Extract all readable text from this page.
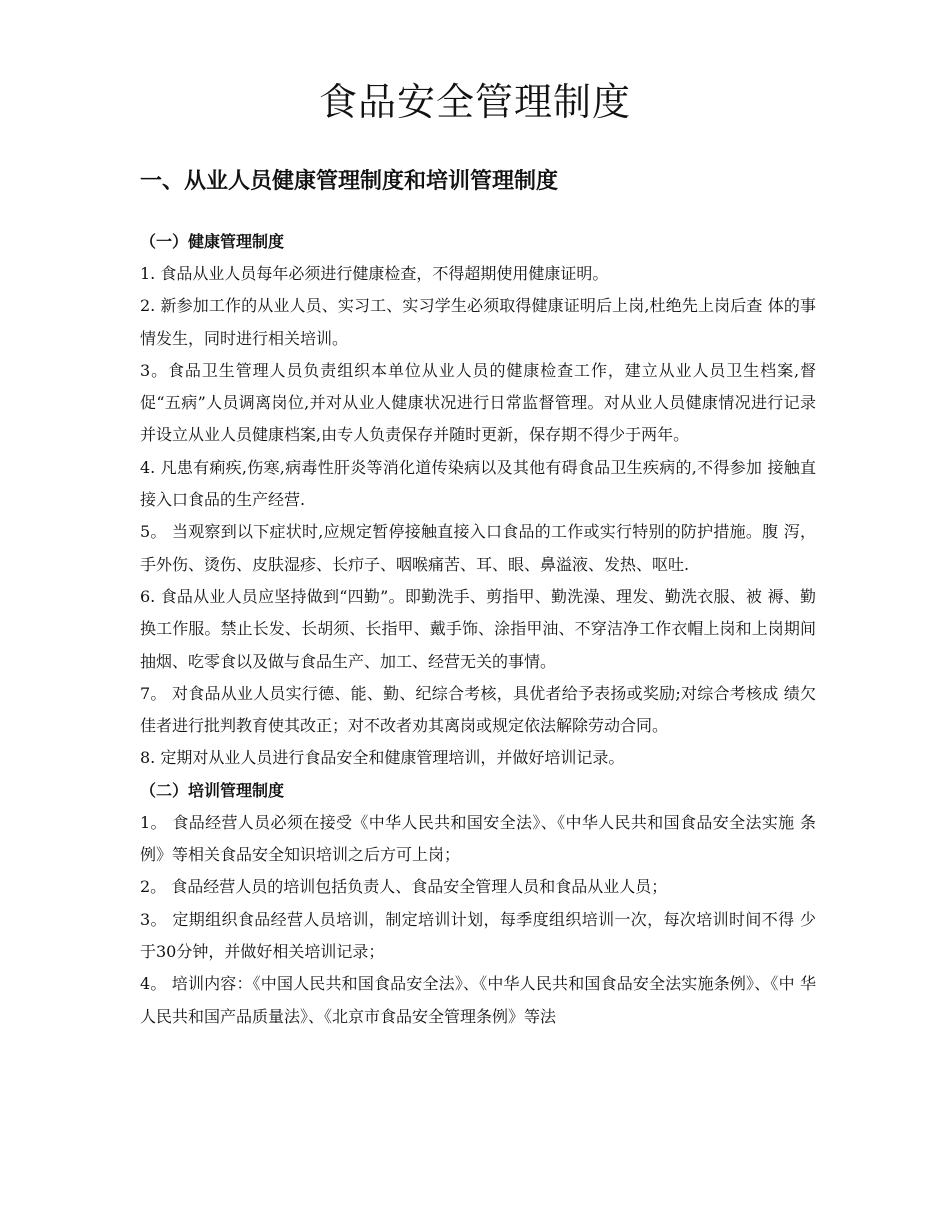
食品安全管理制度
一、从业人员健康管理制度和培训管理制度

（一）健康管理制度

1. 食品从业人员每年必须进行健康检查，不得超期使用健康证明。

2. 新参加工作的从业人员、实习工、实习学生必须取得健康证明后上岗,杜绝先上岗后查 体的事情发生，同时进行相关培训。

3。食品卫生管理人员负责组织本单位从业人员的健康检查工作，建立从业人员卫生档案,督 促“五病”人员调离岗位,并对从业人健康状况进行日常监督管理。对从业人员健康情况进行记录并设立从业人员健康档案,由专人负责保存并随时更新，保存期不得少于两年。

4. 凡患有痢疾,伤寒,病毒性肝炎等消化道传染病以及其他有碍食品卫生疾病的,不得参加 接触直接入口食品的生产经营.

5。 当观察到以下症状时,应规定暂停接触直接入口食品的工作或实行特别的防护措施。腹 泻，手外伤、烫伤、皮肤湿疹、长疖子、咽喉痛苦、耳、眼、鼻溢液、发热、呕吐.

6. 食品从业人员应坚持做到“四勤”。即勤洗手、剪指甲、勤洗澡、理发、勤洗衣服、被 褥、勤换工作服。禁止长发、长胡须、长指甲、戴手饰、涂指甲油、不穿洁净工作衣帽上岗和上岗期间抽烟、吃零食以及做与食品生产、加工、经营无关的事情。

7。 对食品从业人员实行德、能、勤、纪综合考核，具优者给予表扬或奖励;对综合考核成 绩欠佳者进行批判教育使其改正；对不改者劝其离岗或规定依法解除劳动合同。

8. 定期对从业人员进行食品安全和健康管理培训，并做好培训记录。

（二）培训管理制度

1。 食品经营人员必须在接受《中华人民共和国安全法》、《中华人民共和国食品安全法实施 条例》等相关食品安全知识培训之后方可上岗；

2。 食品经营人员的培训包括负责人、食品安全管理人员和食品从业人员；

3。 定期组织食品经营人员培训，制定培训计划，每季度组织培训一次，每次培训时间不得 少于30分钟，并做好相关培训记录；

4。 培训内容：《中国人民共和国食品安全法》、《中华人民共和国食品安全法实施条例》、《中 华人民共和国产品质量法》、《北京市食品安全管理条例》等法
